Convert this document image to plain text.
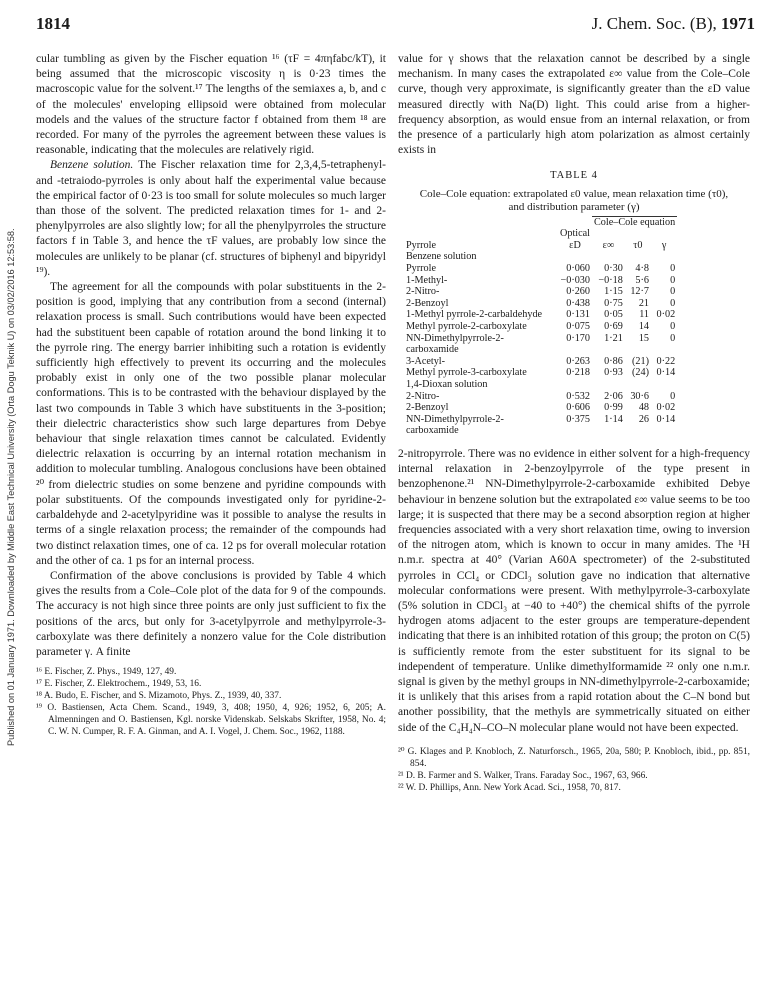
Published on 01 January 1971. Downloaded by Middle East Technical University (Orta Dogu Teknik U) on 03/02/2016 12:53:58.
1814	J. Chem. Soc. (B), 1971

cular tumbling as given by the Fischer equation ¹⁶ (τF = 4πηfabc/kT), it being assumed that the microscopic viscosity η is 0·23 times the macroscopic value for the solvent.¹⁷ The lengths of the semiaxes a, b, and c of the molecules' enveloping ellipsoid were obtained from molecular models and the values of the structure factor f obtained from them ¹⁸ are recorded. For many of the pyrroles the agreement between these values is reasonable, indicating that the molecules are relatively rigid.

Benzene solution. The Fischer relaxation time for 2,3,4,5-tetraphenyl- and -tetraiodo-pyrroles is only about half the experimental value because the empirical factor of 0·23 is too small for solute molecules so much larger than those of the solvent. The predicted relaxation times for 1- and 2-phenylpyrroles are also slightly low; for all the phenylpyrroles the structure factors f in Table 3, and hence the τF values, are probably low since the molecules are unlikely to be planar (cf. structures of biphenyl and bipyridyl ¹⁹).

The agreement for all the compounds with polar substituents in the 2-position is good, implying that any contribution from a second (internal) relaxation process is small. Such contributions would have been expected had the substituent been capable of rotation around the bond linking it to the pyrrole ring. The energy barrier inhibiting such a rotation is evidently sufficiently high effectively to prevent its occurring and the molecules probably exist in only one of the two possible planar molecular conformations. This is to be contrasted with the behaviour displayed by the last two compounds in Table 3 which have substituents in the 3-position; their dielectric characteristics show such large departures from Debye behaviour that single relaxation times cannot be calculated. Evidently dielectric relaxation is occurring by an internal rotation mechanism in addition to molecular tumbling. Analogous conclusions have been obtained ²⁰ from dielectric studies on some benzene and pyridine compounds with polar substituents. Of the compounds investigated only for pyridine-2-carbaldehyde and 2-acetylpyridine was it possible to analyse the results in terms of a single relaxation process; the remainder of the compounds had two distinct relaxation times, one of ca. 12 ps for overall molecular rotation and the other of ca. 1 ps for an internal process.

Confirmation of the above conclusions is provided by Table 4 which gives the results from a Cole–Cole plot of the data for 9 of the compounds. The accuracy is not high since three points are only just sufficient to fix the positions of the arcs, but only for 3-acetylpyrrole and methylpyrrole-3-carboxylate was there definitely a nonzero value for the Cole distribution parameter γ. A finite

¹⁶ E. Fischer, Z. Phys., 1949, 127, 49.
¹⁷ E. Fischer, Z. Elektrochem., 1949, 53, 16.
¹⁸ A. Budo, E. Fischer, and S. Mizamoto, Phys. Z., 1939, 40, 337.
¹⁹ O. Bastiensen, Acta Chem. Scand., 1949, 3, 408; 1950, 4, 926; 1952, 6, 205; A. Almenningen and O. Bastiensen, Kgl. norske Videnskab. Selskabs Skrifter, 1958, No. 4; C. W. N. Cumper, R. F. A. Ginman, and A. I. Vogel, J. Chem. Soc., 1962, 1188.

value for γ shows that the relaxation cannot be described by a single mechanism. In many cases the extrapolated ε∞ value from the Cole–Cole curve, though very approximate, is significantly greater than the εD value measured directly with Na(D) light. This could arise from a higher-frequency absorption, as would ensue from an internal relaxation, or from the presence of a particularly high atom polarization as almost certainly exists in

TABLE 4
Cole–Cole equation: extrapolated ε0 value, mean relaxation time (τ0), and distribution parameter (γ)
		Cole–Cole equation		
	Optical			
Pyrrole	εD	ε∞	τ0	γ
Benzene solution				
Pyrrole	0·060	0·30	4·8	0
1-Methyl-	−0·030	−0·18	5·6	0
2-Nitro-	0·260	1·15	12·7	0
2-Benzoyl	0·438	0·75	21	0
1-Methyl pyrrole-2-carbaldehyde	0·131	0·05	11	0·02
Methyl pyrrole-2-carboxylate	0·075	0·69	14	0
NN-Dimethylpyrrole-2-carboxamide	0·170	1·21	15	0
3-Acetyl-	0·263	0·86	(21)	0·22
Methyl pyrrole-3-carboxylate	0·218	0·93	(24)	0·14
1,4-Dioxan solution				
2-Nitro-	0·532	2·06	30·6	0
2-Benzoyl	0·606	0·99	48	0·02
NN-Dimethylpyrrole-2-carboxamide	0·375	1·14	26	0·14

2-nitropyrrole. There was no evidence in either solvent for a high-frequency internal relaxation in 2-benzoylpyrrole of the type present in benzophenone.²¹ NN-Dimethylpyrrole-2-carboxamide exhibited Debye behaviour in benzene solution but the extrapolated ε∞ value seems to be too large; it is suspected that there may be a second absorption region at higher frequencies associated with a very short relaxation time, owing to inversion of the nitrogen atom, which is known to occur in many amides. The ¹H n.m.r. spectra at 40° (Varian A60A spectrometer) of the 2-substituted pyrroles in CCl₄ or CDCl₃ solution gave no indication that alternative molecular conformations were present. With methylpyrrole-3-carboxylate (5% solution in CDCl₃ at −40 to +40°) the chemical shifts of the pyrrole hydrogen atoms adjacent to the ester groups are temperature-dependent indicating that there is an inhibited rotation of this group; the proton on C(5) is sufficiently remote from the ester substituent for its signal to be independent of temperature. Unlike dimethylformamide ²² only one n.m.r. signal is given by the methyl groups in NN-dimethylpyrrole-2-carboxamide; it is unlikely that this arises from a rapid rotation about the C–N bond but another possibility, that the methyls are symmetrically situated on either side of the C₄H₄N–CO–N molecular plane would not have been expected.

²⁰ G. Klages and P. Knobloch, Z. Naturforsch., 1965, 20a, 580; P. Knobloch, ibid., pp. 851, 854.
²¹ D. B. Farmer and S. Walker, Trans. Faraday Soc., 1967, 63, 966.
²² W. D. Phillips, Ann. New York Acad. Sci., 1958, 70, 817.
